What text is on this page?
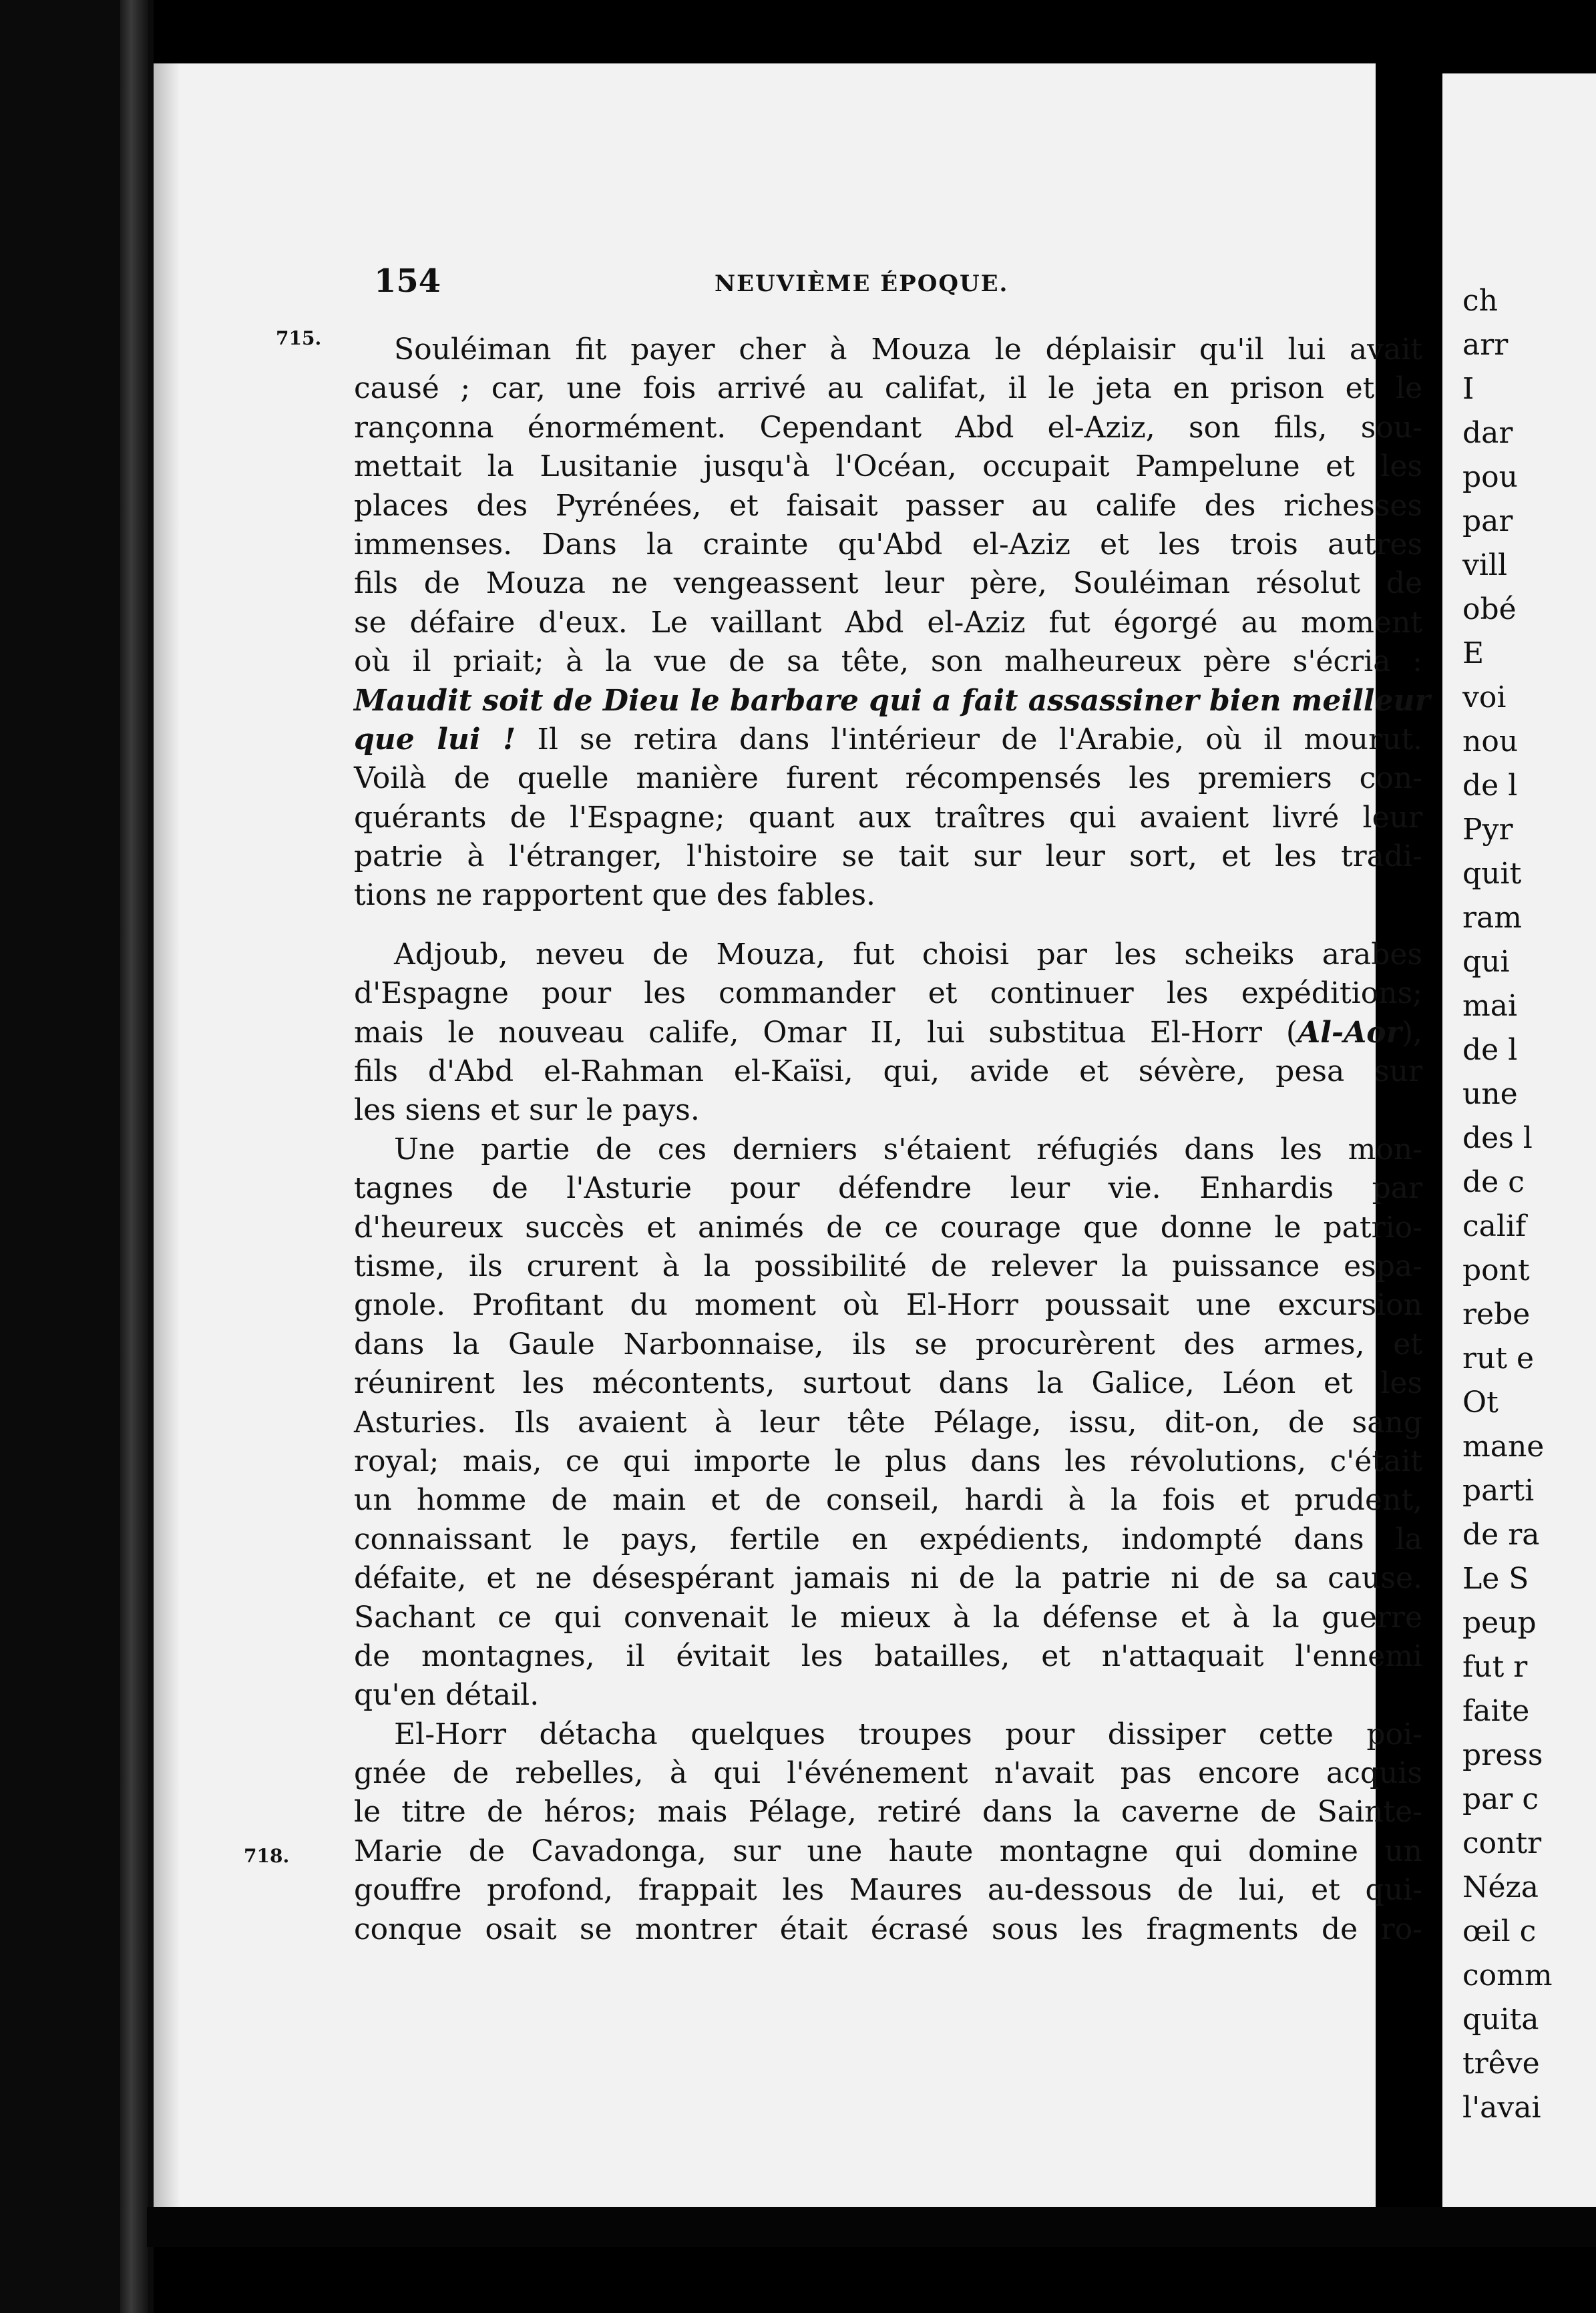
154	NEUVIÈME ÉPOQUE.
715.
718.
Souléiman fit payer cher à Mouza le déplaisir qu'il lui avait
causé ; car, une fois arrivé au califat, il le jeta en prison et le
rançonna énormément. Cependant Abd el-Aziz, son fils, sou-
mettait la Lusitanie jusqu'à l'Océan, occupait Pampelune et les
places des Pyrénées, et faisait passer au calife des richesses
immenses. Dans la crainte qu'Abd el-Aziz et les trois autres
fils de Mouza ne vengeassent leur père, Souléiman résolut de
se défaire d'eux. Le vaillant Abd el-Aziz fut égorgé au moment
où il priait; à la vue de sa tête, son malheureux père s'écria :
Maudit soit de Dieu le barbare qui a fait assassiner bien meilleur
que lui ! Il se retira dans l'intérieur de l'Arabie, où il mourut.
Voilà de quelle manière furent récompensés les premiers con-
quérants de l'Espagne; quant aux traîtres qui avaient livré leur
patrie à l'étranger, l'histoire se tait sur leur sort, et les tradi-
tions ne rapportent que des fables.
Adjoub, neveu de Mouza, fut choisi par les scheiks arabes
d'Espagne pour les commander et continuer les expéditions;
mais le nouveau calife, Omar II, lui substitua El-Horr (Al-Aor),
fils d'Abd el-Rahman el-Kaïsi, qui, avide et sévère, pesa sur
les siens et sur le pays.
Une partie de ces derniers s'étaient réfugiés dans les mon-
tagnes de l'Asturie pour défendre leur vie. Enhardis par
d'heureux succès et animés de ce courage que donne le patrio-
tisme, ils crurent à la possibilité de relever la puissance espa-
gnole. Profitant du moment où El-Horr poussait une excursion
dans la Gaule Narbonnaise, ils se procurèrent des armes, et
réunirent les mécontents, surtout dans la Galice, Léon et les
Asturies. Ils avaient à leur tête Pélage, issu, dit-on, de sang
royal; mais, ce qui importe le plus dans les révolutions, c'était
un homme de main et de conseil, hardi à la fois et prudent,
connaissant le pays, fertile en expédients, indompté dans la
défaite, et ne désespérant jamais ni de la patrie ni de sa cause.
Sachant ce qui convenait le mieux à la défense et à la guerre
de montagnes, il évitait les batailles, et n'attaquait l'ennemi
qu'en détail.
El-Horr détacha quelques troupes pour dissiper cette poi-
gnée de rebelles, à qui l'événement n'avait pas encore acquis
le titre de héros; mais Pélage, retiré dans la caverne de Sainte-
Marie de Cavadonga, sur une haute montagne qui domine un
gouffre profond, frappait les Maures au-dessous de lui, et qui-
conque osait se montrer était écrasé sous les fragments de ro-
ch
arr
I
dar
pou
par
vill
obé
E
voi
nou
de l
Pyr
quit
ram
qui
mai
de l
une
des l
de c
calif
pont
rebe
rut e
Ot
mane
parti
de ra
Le S
peup
fut r
faite
press
par c
contr
Néza
œil c
comm
quita
trêve
l'avai
